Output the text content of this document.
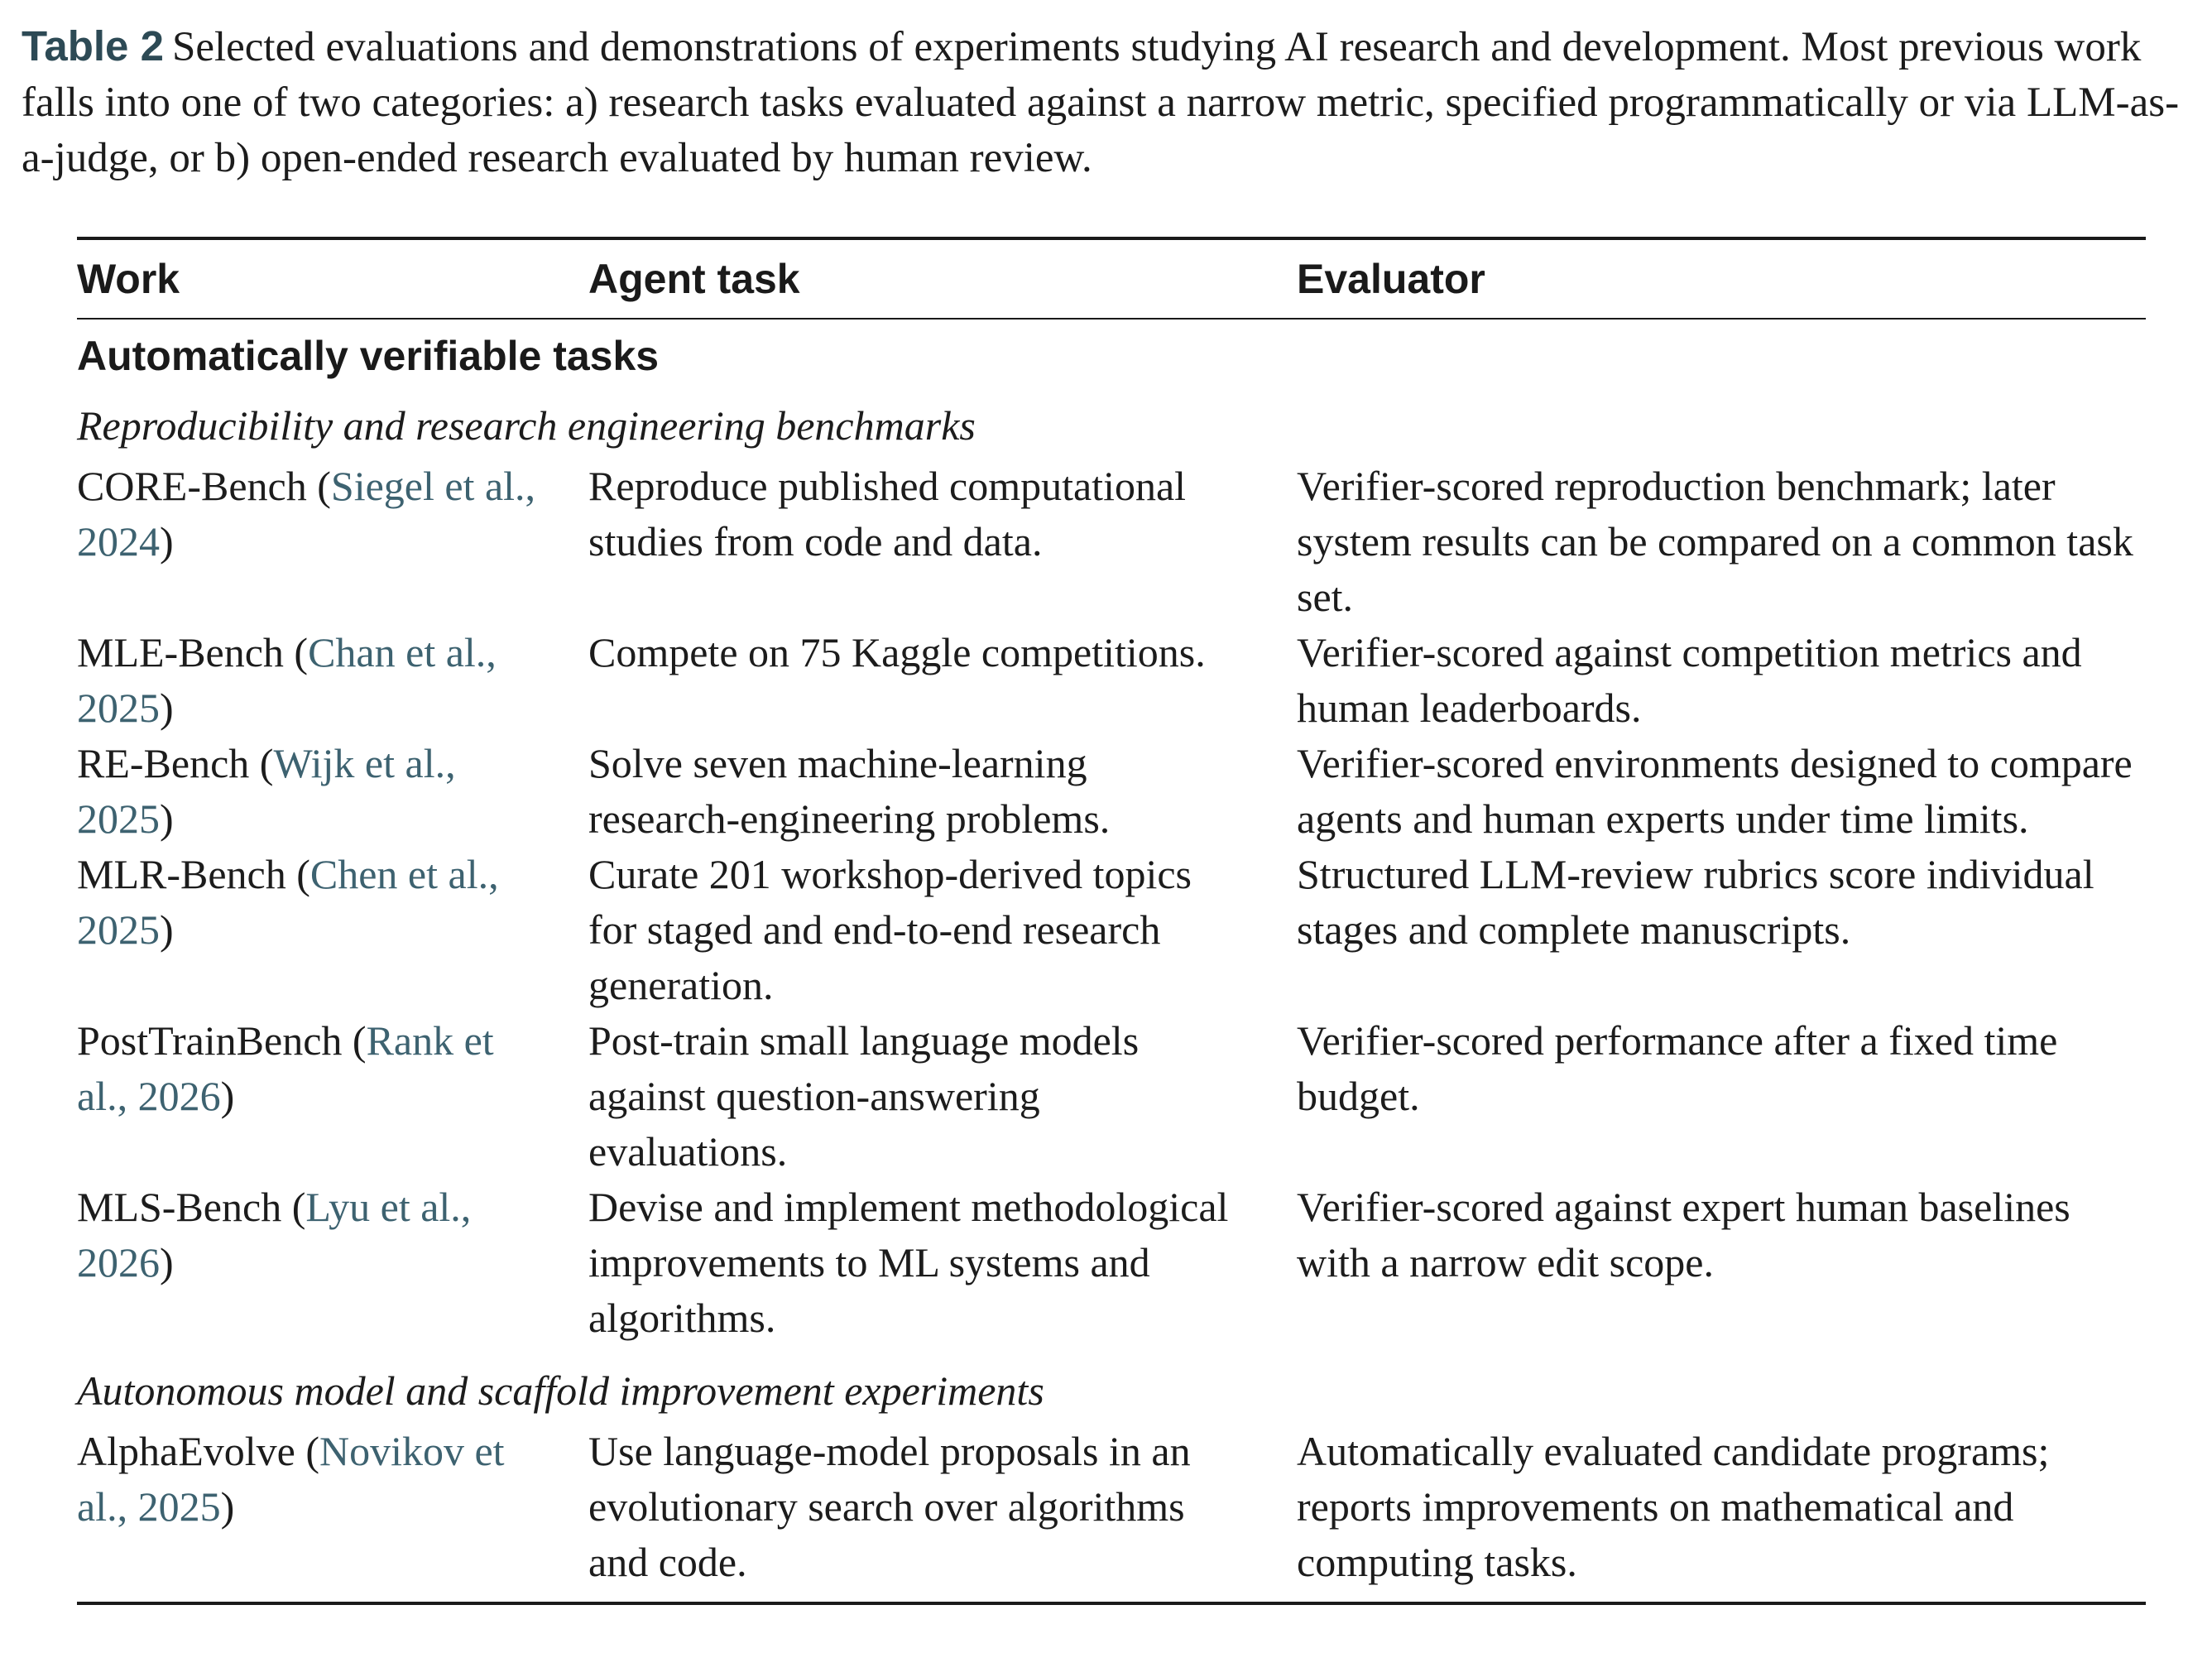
Table 2 Selected evaluations and demonstrations of experiments studying AI research and development. Most previous work falls into one of two categories: a) research tasks evaluated against a narrow metric, specified programmatically or via LLM-as-a-judge, or b) open-ended research evaluated by human review.

Work	Agent task	Evaluator
Automatically verifiable tasks		
Reproducibility and research engineering benchmarks		
CORE-Bench (Siegel et al., 2024)	Reproduce published computational studies from code and data.	Verifier-scored reproduction benchmark; later system results can be compared on a common task set.
MLE-Bench (Chan et al., 2025)	Compete on 75 Kaggle competitions.	Verifier-scored against competition metrics and human leaderboards.
RE-Bench (Wijk et al., 2025)	Solve seven machine-learning research-engineering problems.	Verifier-scored environments designed to compare agents and human experts under time limits.
MLR-Bench (Chen et al., 2025)	Curate 201 workshop-derived topics for staged and end-to-end research generation.	Structured LLM-review rubrics score individual stages and complete manuscripts.
PostTrainBench (Rank et al., 2026)	Post-train small language models against question-answering evaluations.	Verifier-scored performance after a fixed time budget.
MLS-Bench (Lyu et al., 2026)	Devise and implement methodological improvements to ML systems and algorithms.	Verifier-scored against expert human baselines with a narrow edit scope.
Autonomous model and scaffold improvement experiments		
AlphaEvolve (Novikov et al., 2025)	Use language-model proposals in an evolutionary search over algorithms and code.	Automatically evaluated candidate programs; reports improvements on mathematical and computing tasks.
